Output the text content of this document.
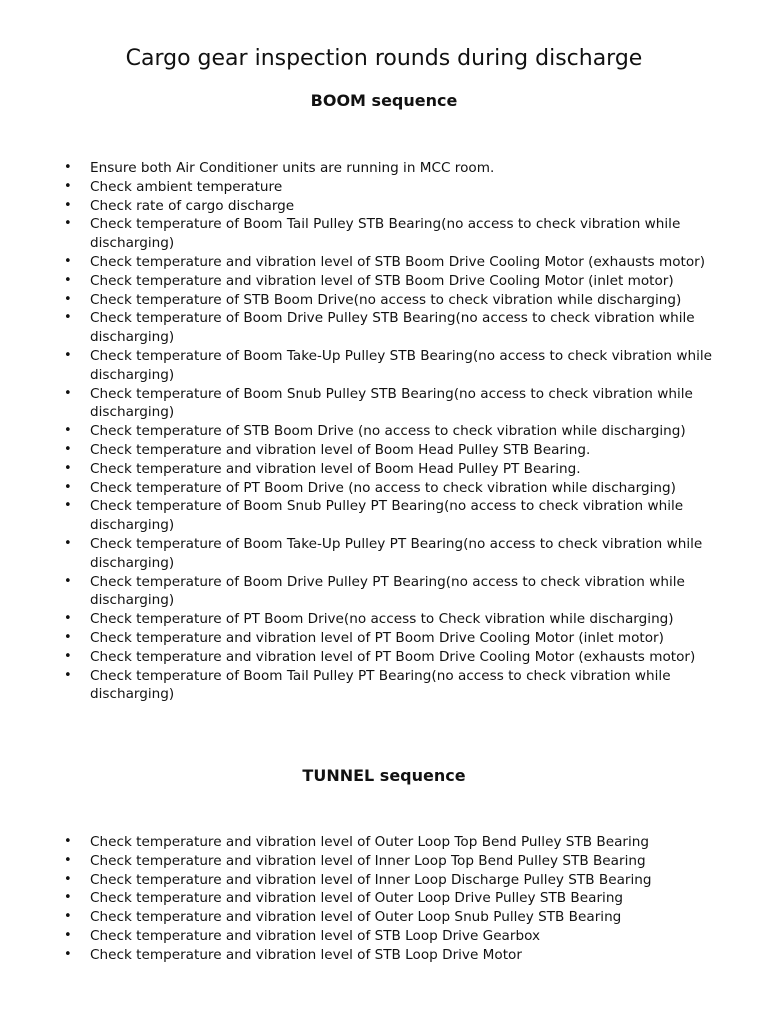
Cargo gear inspection rounds during discharge
BOOM sequence
•	Ensure both Air Conditioner units are running in MCC room.
•	Check ambient temperature
•	Check rate of cargo discharge
•	Check temperature of Boom Tail Pulley STB Bearing(no access to check vibration while discharging)
•	Check temperature and vibration level of STB Boom Drive Cooling Motor (exhausts motor)
•	Check temperature and vibration level of STB Boom Drive Cooling Motor (inlet motor)
•	Check temperature of STB Boom Drive(no access to check vibration while discharging)
•	Check temperature of Boom Drive Pulley STB Bearing(no access to check vibration while discharging)
•	Check temperature of Boom Take-Up Pulley STB Bearing(no access to check vibration while discharging)
•	Check temperature of Boom Snub Pulley STB Bearing(no access to check vibration while discharging)
•	Check temperature of STB Boom Drive (no access to check vibration while discharging)
•	Check temperature and vibration level of Boom Head Pulley STB Bearing.
•	Check temperature and vibration level of Boom Head Pulley PT Bearing.
•	Check temperature of PT Boom Drive (no access to check vibration while discharging)
•	Check temperature of Boom Snub Pulley PT Bearing(no access to check vibration while discharging)
•	Check temperature of Boom Take-Up Pulley PT Bearing(no access to check vibration while discharging)
•	Check temperature of Boom Drive Pulley PT Bearing(no access to check vibration while discharging)
•	Check temperature of PT Boom Drive(no access to Check vibration while discharging)
•	Check temperature and vibration level of PT Boom Drive Cooling Motor (inlet motor)
•	Check temperature and vibration level of PT Boom Drive Cooling Motor (exhausts motor)
•	Check temperature of Boom Tail Pulley PT Bearing(no access to check vibration while discharging)
TUNNEL sequence
•	Check temperature and vibration level of Outer Loop Top Bend Pulley STB Bearing
•	Check temperature and vibration level of Inner Loop Top Bend Pulley STB Bearing
•	Check temperature and vibration level of Inner Loop Discharge Pulley STB Bearing
•	Check temperature and vibration level of Outer Loop Drive Pulley STB Bearing
•	Check temperature and vibration level of Outer Loop Snub Pulley STB Bearing
•	Check temperature and vibration level of STB Loop Drive Gearbox
•	Check temperature and vibration level of STB Loop Drive Motor
